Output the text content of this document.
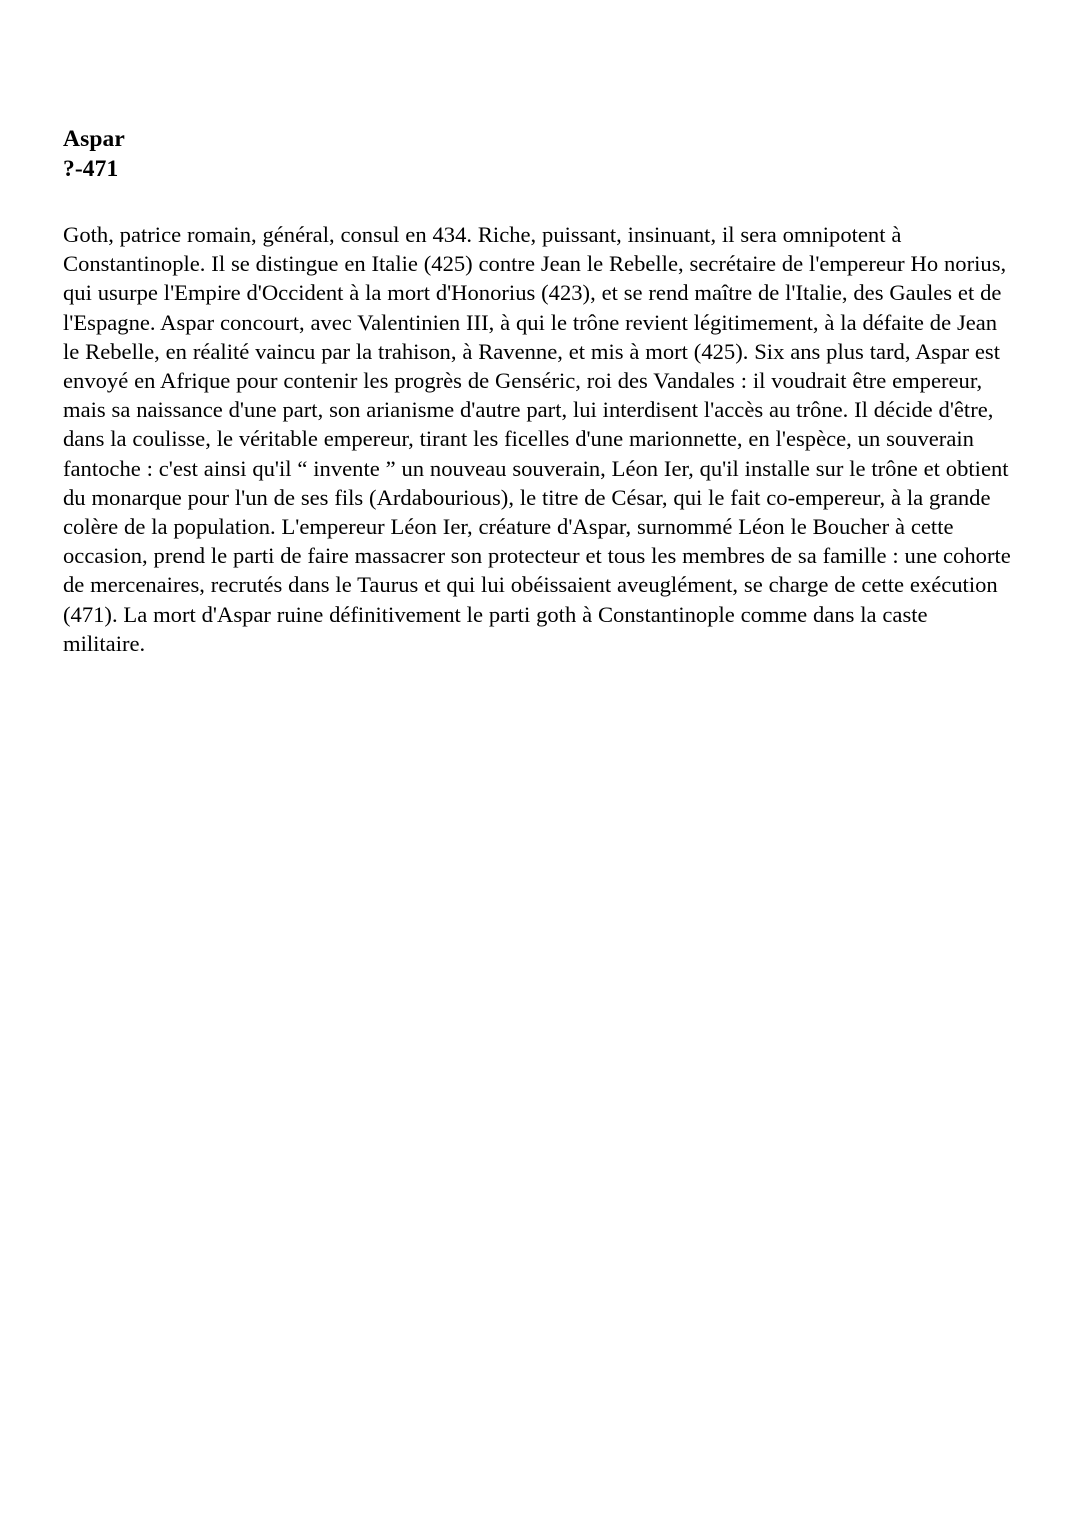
Aspar
?-471

Goth, patrice romain, général, consul en 434. Riche, puissant, insinuant, il sera omnipotent à Constantinople. Il se distingue en Italie (425) contre Jean le Rebelle, secrétaire de l'empereur Ho norius, qui usurpe l'Empire d'Occident à la mort d'Honorius (423), et se rend maître de l'Italie, des Gaules et de l'Espagne. Aspar concourt, avec Valentinien III, à qui le trône revient légitimement, à la défaite de Jean le Rebelle, en réalité vaincu par la trahison, à Ravenne, et mis à mort (425). Six ans plus tard, Aspar est envoyé en Afrique pour contenir les progrès de Genséric, roi des Vandales : il voudrait être empereur, mais sa naissance d'une part, son arianisme d'autre part, lui interdisent l'accès au trône. Il décide d'être, dans la coulisse, le véritable empereur, tirant les ficelles d'une marionnette, en l'espèce, un souverain fantoche : c'est ainsi qu'il “ invente ” un nouveau souverain, Léon Ier, qu'il installe sur le trône et obtient du monarque pour l'un de ses fils (Ardabourious), le titre de César, qui le fait co-empereur, à la grande colère de la population. L'empereur Léon Ier, créature d'Aspar, surnommé Léon le Boucher à cette occasion, prend le parti de faire massacrer son protecteur et tous les membres de sa famille : une cohorte de mercenaires, recrutés dans le Taurus et qui lui obéissaient aveuglément, se charge de cette exécution (471). La mort d'Aspar ruine définitivement le parti goth à Constantinople comme dans la caste militaire.
